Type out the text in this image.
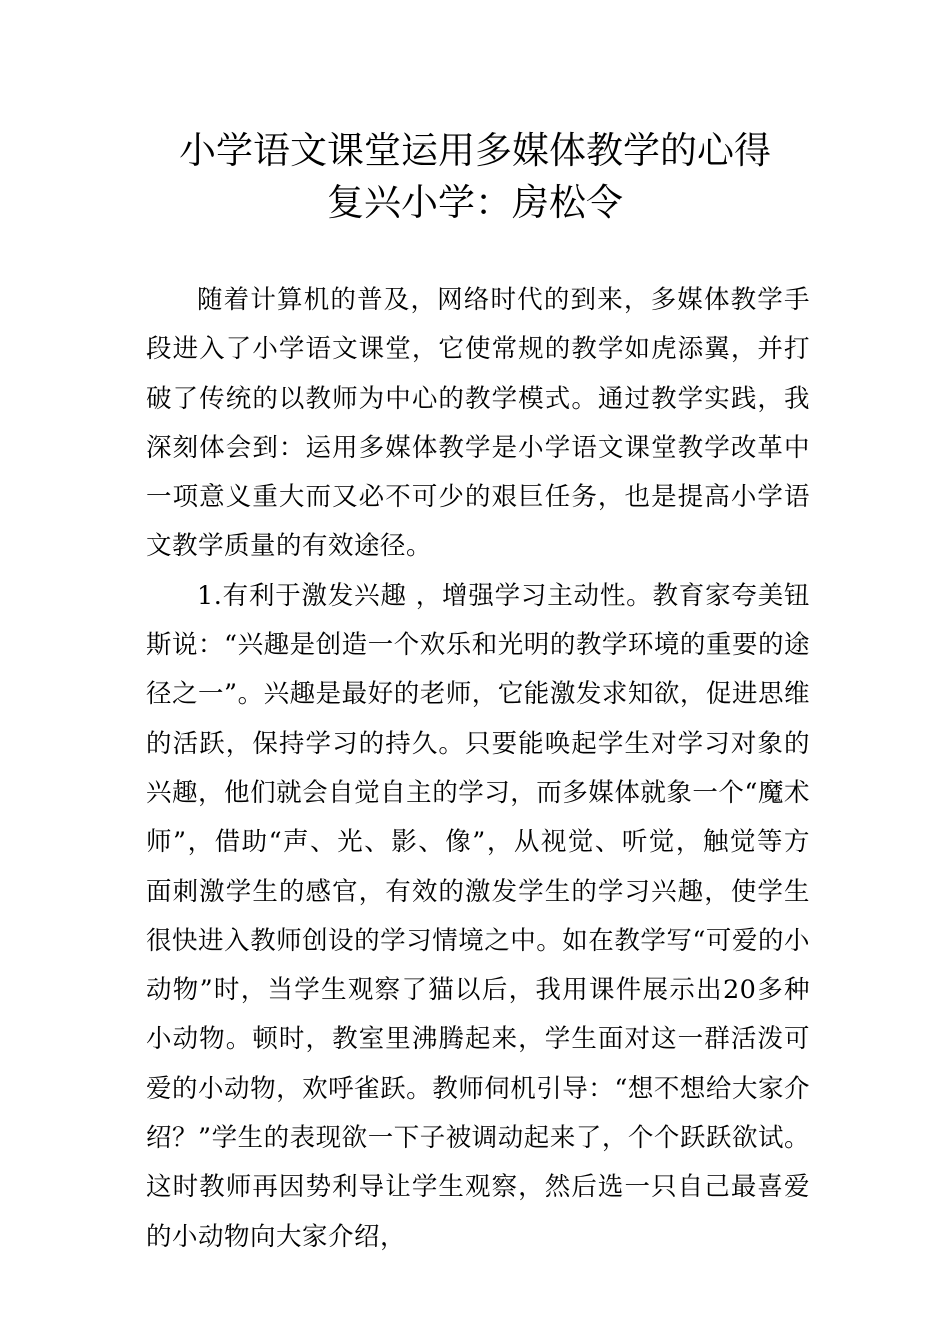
小学语文课堂运用多媒体教学的心得
复兴小学：房松令

随着计算机的普及，网络时代的到来，多媒体教学手段进入了小学语文课堂，它使常规的教学如虎添翼，并打破了传统的以教师为中心的教学模式。通过教学实践，我深刻体会到：运用多媒体教学是小学语文课堂教学改革中一项意义重大而又必不可少的艰巨任务，也是提高小学语文教学质量的有效途径。

1.有利于激发兴趣 ，增强学习主动性。教育家夸美钮斯说：“兴趣是创造一个欢乐和光明的教学环境的重要的途径之一”。兴趣是最好的老师，它能激发求知欲，促进思维的活跃，保持学习的持久。只要能唤起学生对学习对象的兴趣，他们就会自觉自主的学习，而多媒体就象一个“魔术师”，借助“声、光、影、像”，从视觉、听觉，触觉等方面刺激学生的感官，有效的激发学生的学习兴趣，使学生很快进入教师创设的学习情境之中。如在教学写“可爱的小动物”时，当学生观察了猫以后，我用课件展示出20多种小动物。顿时，教室里沸腾起来，学生面对这一群活泼可爱的小动物，欢呼雀跃。教师伺机引导：“想不想给大家介绍？”学生的表现欲一下子被调动起来了，个个跃跃欲试。这时教师再因势利导让学生观察，然后选一只自己最喜爱的小动物向大家介绍，
